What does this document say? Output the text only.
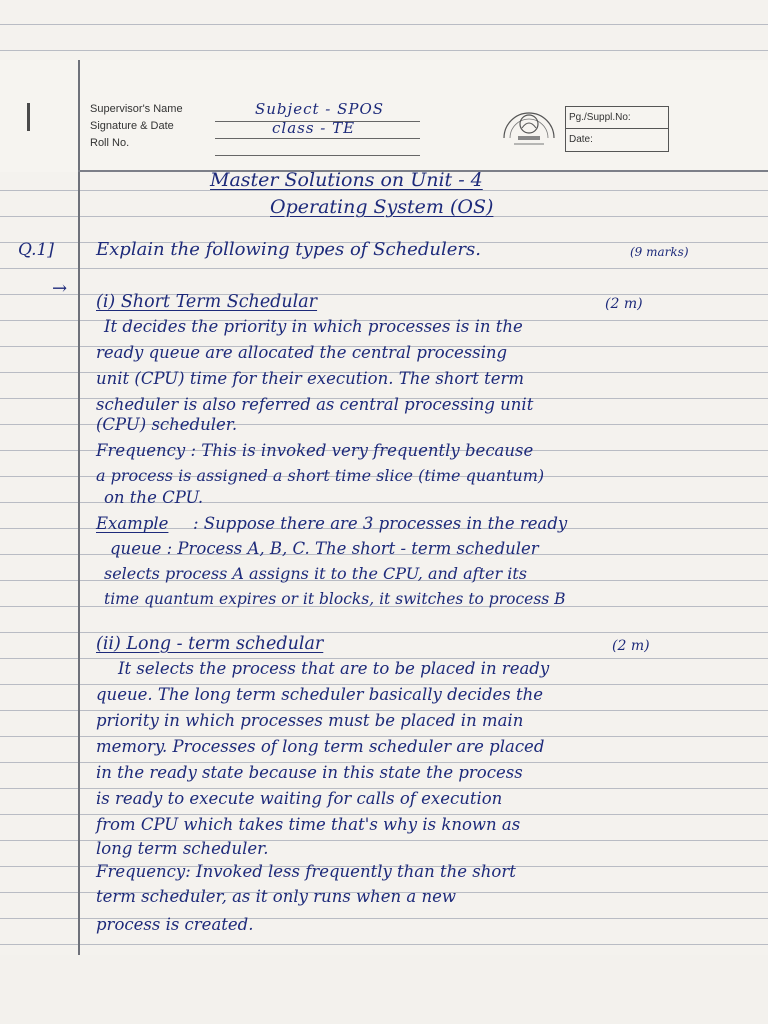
Supervisor's Name
Signature & Date
Roll No.
Subject - SPOS
class - TE
Pg./Suppl.No:
Date:
Master Solutions on Unit - 4
Operating System (OS)
Q.1]
→
Explain the following types of Schedulers.	(9 marks)
(i) Short Term Schedular	(2 m)
It decides the priority in which processes is in the
ready queue are allocated the central processing
unit (CPU) time for their execution. The short term
scheduler is also referred as central processing unit
(CPU) scheduler.
Frequency : This is invoked very frequently because
a process is assigned a short time slice (time quantum)
on the CPU.
Example : Suppose there are 3 processes in the ready
queue : Process A, B, C. The short - term scheduler
selects process A assigns it to the CPU, and after its
time quantum expires or it blocks, it switches to process B
(ii) Long - term schedular	(2 m)
It selects the process that are to be placed in ready
queue. The long term scheduler basically decides the
priority in which processes must be placed in main
memory. Processes of long term scheduler are placed
in the ready state because in this state the process
is ready to execute waiting for calls of execution
from CPU which takes time that's why is known as
long term scheduler.
Frequency: Invoked less frequently than the short
term scheduler, as it only runs when a new
process is created.
